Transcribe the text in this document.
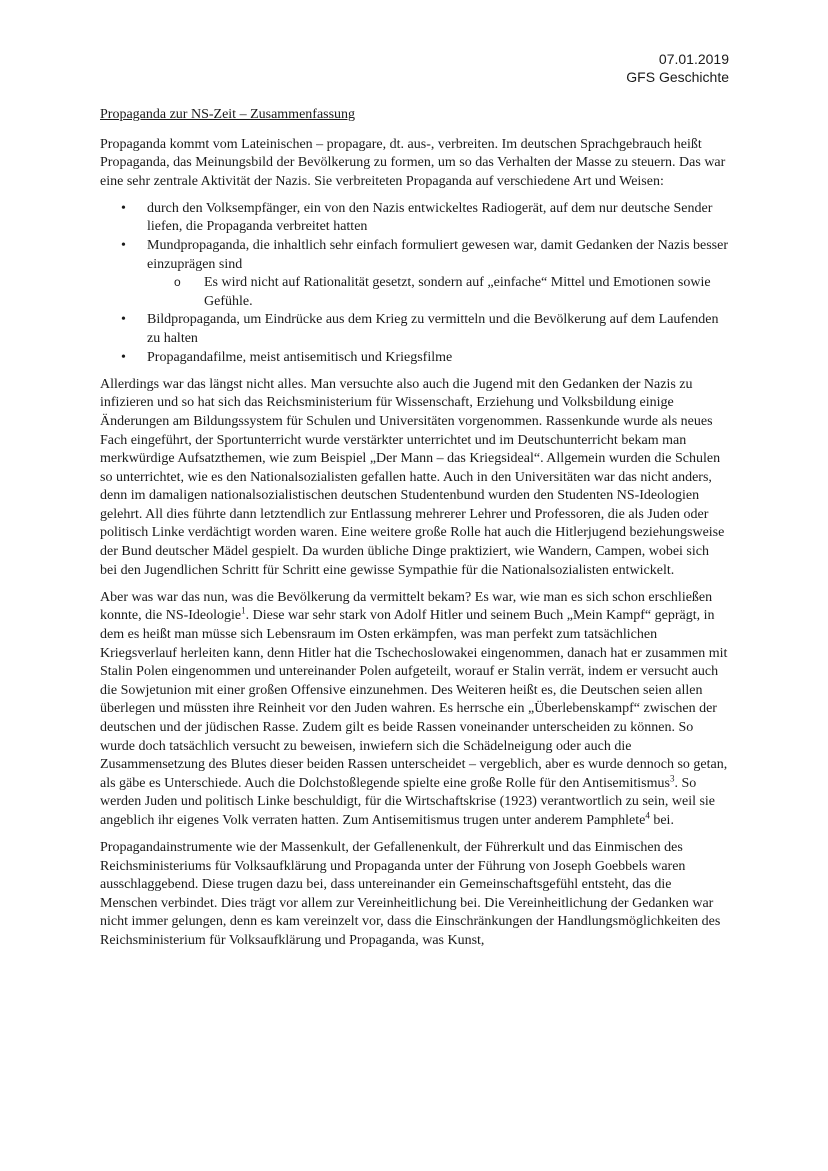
07.01.2019
GFS Geschichte
Propaganda zur NS-Zeit – Zusammenfassung

Propaganda kommt vom Lateinischen – propagare, dt. aus-, verbreiten. Im deutschen Sprachgebrauch heißt Propaganda, das Meinungsbild der Bevölkerung zu formen, um so das Verhalten der Masse zu steuern. Das war eine sehr zentrale Aktivität der Nazis. Sie verbreiteten Propaganda auf verschiedene Art und Weisen:

• durch den Volksempfänger, ein von den Nazis entwickeltes Radiogerät, auf dem nur deutsche Sender liefen, die Propaganda verbreitet hatten
• Mundpropaganda, die inhaltlich sehr einfach formuliert gewesen war, damit Gedanken der Nazis besser einzuprägen sind
o Es wird nicht auf Rationalität gesetzt, sondern auf „einfache“ Mittel und Emotionen sowie Gefühle.
• Bildpropaganda, um Eindrücke aus dem Krieg zu vermitteln und die Bevölkerung auf dem Laufenden zu halten
• Propagandafilme, meist antisemitisch und Kriegsfilme

Allerdings war das längst nicht alles. Man versuchte also auch die Jugend mit den Gedanken der Nazis zu infizieren und so hat sich das Reichsministerium für Wissenschaft, Erziehung und Volksbildung einige Änderungen am Bildungssystem für Schulen und Universitäten vorgenommen. Rassenkunde wurde als neues Fach eingeführt, der Sportunterricht wurde verstärkter unterrichtet und im Deutschunterricht bekam man merkwürdige Aufsatzthemen, wie zum Beispiel „Der Mann – das Kriegsideal“. Allgemein wurden die Schulen so unterrichtet, wie es den Nationalsozialisten gefallen hatte. Auch in den Universitäten war das nicht anders, denn im damaligen nationalsozialistischen deutschen Studentenbund wurden den Studenten NS-Ideologien gelehrt. All dies führte dann letztendlich zur Entlassung mehrerer Lehrer und Professoren, die als Juden oder politisch Linke verdächtigt worden waren. Eine weitere große Rolle hat auch die Hitlerjugend beziehungsweise der Bund deutscher Mädel gespielt. Da wurden übliche Dinge praktiziert, wie Wandern, Campen, wobei sich bei den Jugendlichen Schritt für Schritt eine gewisse Sympathie für die Nationalsozialisten entwickelt.

Aber was war das nun, was die Bevölkerung da vermittelt bekam? Es war, wie man es sich schon erschließen konnte, die NS-Ideologie$^1$. Diese war sehr stark von Adolf Hitler und seinem Buch „Mein Kampf“ geprägt, in dem es heißt man müsse sich Lebensraum im Osten erkämpfen, was man perfekt zum tatsächlichen Kriegsverlauf herleiten kann, denn Hitler hat die Tschechoslowakei eingenommen, danach hat er zusammen mit Stalin Polen eingenommen und untereinander Polen aufgeteilt, worauf er Stalin verrät, indem er versucht auch die Sowjetunion mit einer großen Offensive einzunehmen. Des Weiteren heißt es, die Deutschen seien allen überlegen und müssten ihre Reinheit vor den Juden wahren. Es herrsche ein „Überlebenskampf“ zwischen der deutschen und der jüdischen Rasse. Zudem gilt es beide Rassen voneinander unterscheiden zu können. So wurde doch tatsächlich versucht zu beweisen, inwiefern sich die Schädelneigung oder auch die Zusammensetzung des Blutes dieser beiden Rassen unterscheidet – vergeblich, aber es wurde dennoch so getan, als gäbe es Unterschiede. Auch die Dolchstoßlegende spielte eine große Rolle für den Antisemitismus$^3$. So werden Juden und politisch Linke beschuldigt, für die Wirtschaftskrise (1923) verantwortlich zu sein, weil sie angeblich ihr eigenes Volk verraten hatten. Zum Antisemitismus trugen unter anderem Pamphlete$^4$ bei.

Propagandainstrumente wie der Massenkult, der Gefallenenkult, der Führerkult und das Einmischen des Reichsministeriums für Volksaufklärung und Propaganda unter der Führung von Joseph Goebbels waren ausschlaggebend. Diese trugen dazu bei, dass untereinander ein Gemeinschaftsgefühl entsteht, das die Menschen verbindet. Dies trägt vor allem zur Vereinheitlichung bei. Die Vereinheitlichung der Gedanken war nicht immer gelungen, denn es kam vereinzelt vor, dass die Einschränkungen der Handlungsmöglichkeiten des Reichsministerium für Volksaufklärung und Propaganda, was Kunst,
